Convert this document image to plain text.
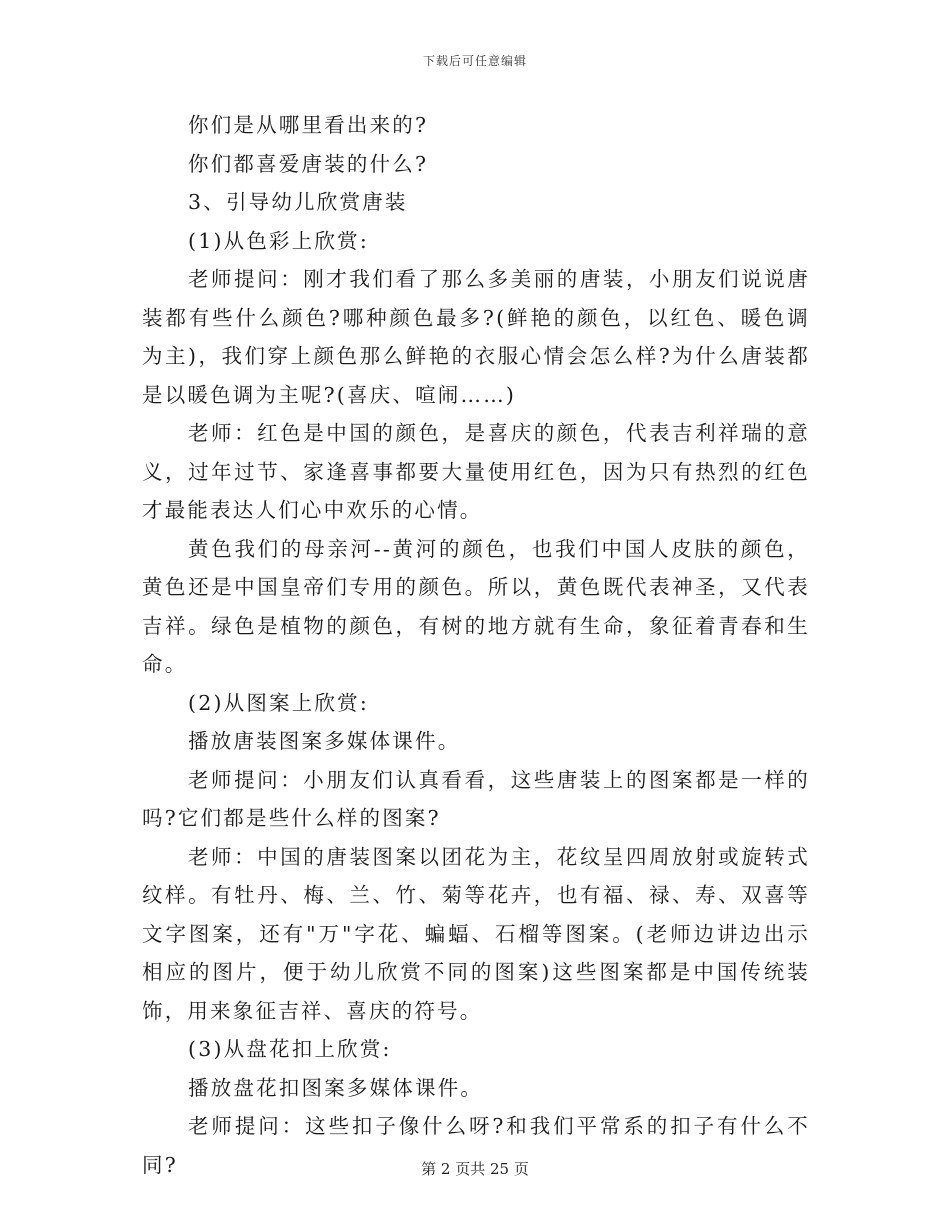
下载后可任意编辑

你们是从哪里看出来的?

你们都喜爱唐装的什么?

3、引导幼儿欣赏唐装

(1)从色彩上欣赏:

老师提问：刚才我们看了那么多美丽的唐装，小朋友们说说唐装都有些什么颜色?哪种颜色最多?(鲜艳的颜色，以红色、暖色调为主)，我们穿上颜色那么鲜艳的衣服心情会怎么样?为什么唐装都是以暖色调为主呢?(喜庆、喧闹……)

老师：红色是中国的颜色，是喜庆的颜色，代表吉利祥瑞的意义，过年过节、家逢喜事都要大量使用红色，因为只有热烈的红色才最能表达人们心中欢乐的心情。

黄色我们的母亲河--黄河的颜色，也我们中国人皮肤的颜色，黄色还是中国皇帝们专用的颜色。所以，黄色既代表神圣，又代表吉祥。绿色是植物的颜色，有树的地方就有生命，象征着青春和生命。

(2)从图案上欣赏:

播放唐装图案多媒体课件。

老师提问：小朋友们认真看看，这些唐装上的图案都是一样的吗?它们都是些什么样的图案?

老师：中国的唐装图案以团花为主，花纹呈四周放射或旋转式纹样。有牡丹、梅、兰、竹、菊等花卉，也有福、禄、寿、双喜等文字图案，还有"万"字花、蝙蝠、石榴等图案。(老师边讲边出示相应的图片，便于幼儿欣赏不同的图案)这些图案都是中国传统装饰，用来象征吉祥、喜庆的符号。

(3)从盘花扣上欣赏:

播放盘花扣图案多媒体课件。

老师提问：这些扣子像什么呀?和我们平常系的扣子有什么不同?	第 2 页共 25 页
